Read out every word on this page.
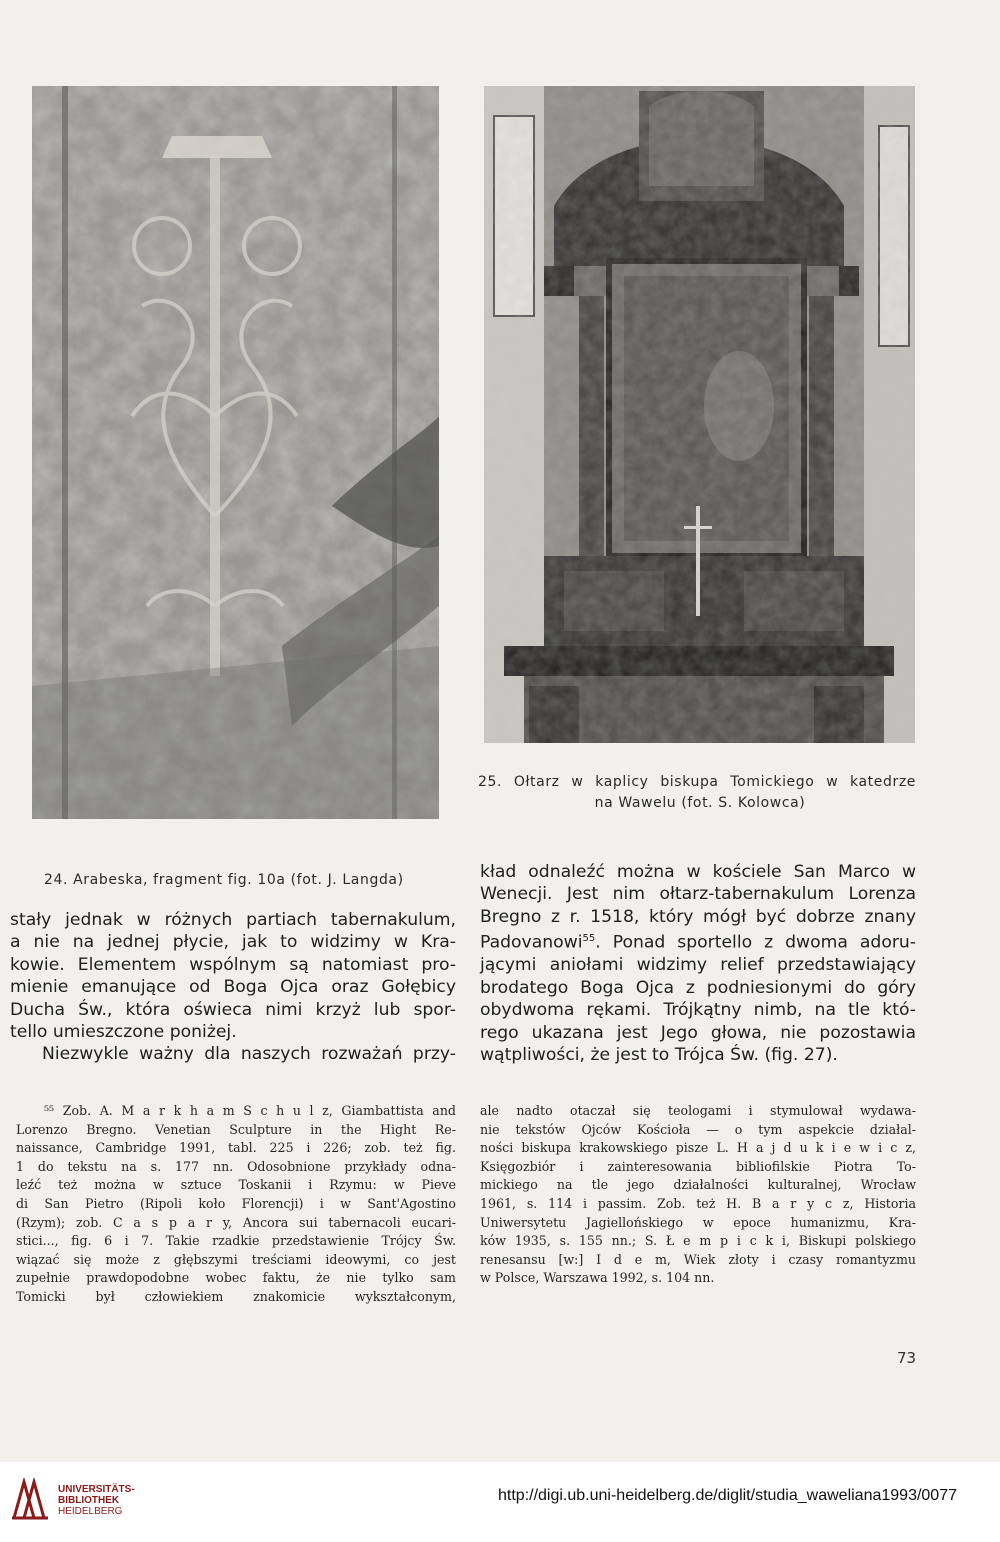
25. Ołtarz w kaplicy biskupa Tomickiego w katedrze
na Wawelu (fot. S. Kolowca)
24. Arabeska, fragment fig. 10a (fot. J. Langda)
stały jednak w różnych partiach tabernakulum,
a nie na jednej płycie, jak to widzimy w Kra-
kowie. Elementem wspólnym są natomiast pro-
mienie emanujące od Boga Ojca oraz Gołębicy
Ducha Św., która oświeca nimi krzyż lub spor-
tello umieszczone poniżej.
Niezwykle ważny dla naszych rozważań przy-
kład odnaleźć można w kościele San Marco w
Wenecji. Jest nim ołtarz-tabernakulum Lorenza
Bregno z r. 1518, który mógł być dobrze znany
Padovanowi$^{55}$. Ponad sportello z dwoma adoru-
jącymi aniołami widzimy relief przedstawiający
brodatego Boga Ojca z podniesionymi do góry
obydwoma rękami. Trójkątny nimb, na tle któ-
rego ukazana jest Jego głowa, nie pozostawia
wątpliwości, że jest to Trójca Św. (fig. 27).
⁵⁵ Zob. A. M a r k h a m S c h u l z, Giambattista and
Lorenzo Bregno. Venetian Sculpture in the Hight Re-
naissance, Cambridge 1991, tabl. 225 i 226; zob. też fig.
1 do tekstu na s. 177 nn. Odosobnione przykłady odna-
leźć też można w sztuce Toskanii i Rzymu: w Pieve
di San Pietro (Ripoli koło Florencji) i w Sant'Agostino
(Rzym); zob. C a s p a r y, Ancora sui tabernacoli eucari-
stici..., fig. 6 i 7. Takie rzadkie przedstawienie Trójcy Św.
wiązać się może z głębszymi treściami ideowymi, co jest
zupełnie prawdopodobne wobec faktu, że nie tylko sam
Tomicki był człowiekiem znakomicie wykształconym,
ale nadto otaczał się teologami i stymulował wydawa-
nie tekstów Ojców Kościoła — o tym aspekcie działal-
ności biskupa krakowskiego pisze L. H a j d u k i e w i c z,
Księgozbiór i zainteresowania bibliofilskie Piotra To-
mickiego na tle jego działalności kulturalnej, Wrocław
1961, s. 114 i passim. Zob. też H. B a r y c z, Historia
Uniwersytetu Jagiellońskiego w epoce humanizmu, Kra-
ków 1935, s. 155 nn.; S. Ł e m p i c k i, Biskupi polskiego
renesansu [w:] I d e m, Wiek złoty i czasy romantyzmu
w Polsce, Warszawa 1992, s. 104 nn.
73
UNIVERSITÄTS-
BIBLIOTHEK
HEIDELBERG
http://digi.ub.uni-heidelberg.de/diglit/studia_waweliana1993/0077
